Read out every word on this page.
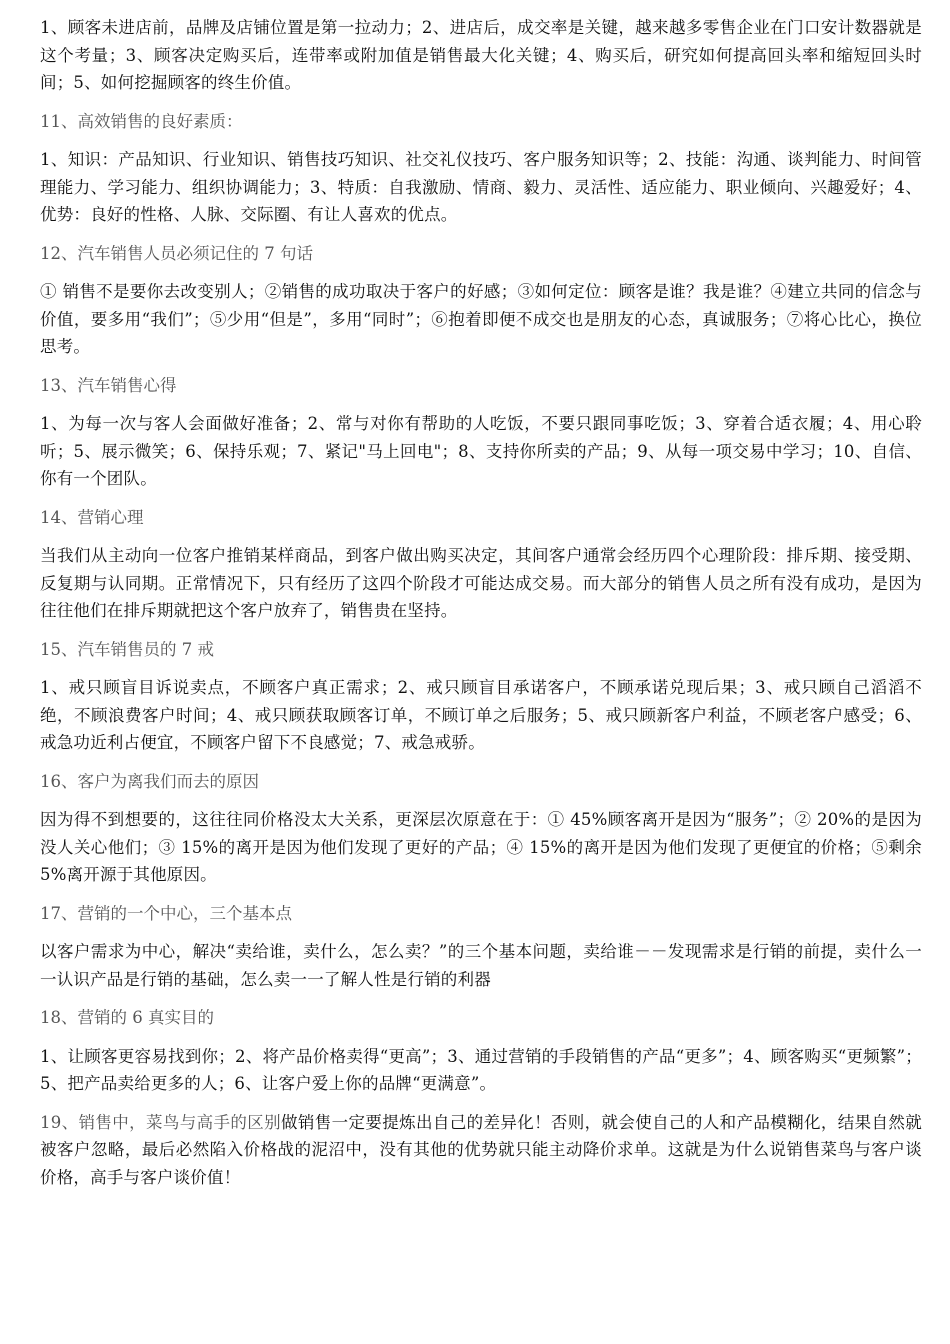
1、顾客未进店前，品牌及店铺位置是第一拉动力；2、进店后，成交率是关键，越来越多零售企业在门口安计数器就是这个考量；3、顾客决定购买后，连带率或附加值是销售最大化关键；4、购买后，研究如何提高回头率和缩短回头时间；5、如何挖掘顾客的终生价值。

11、高效销售的良好素质：

1、知识：产品知识、行业知识、销售技巧知识、社交礼仪技巧、客户服务知识等；2、技能：沟通、谈判能力、时间管理能力、学习能力、组织协调能力；3、特质：自我激励、情商、毅力、灵活性、适应能力、职业倾向、兴趣爱好；4、优势：良好的性格、人脉、交际圈、有让人喜欢的优点。

12、汽车销售人员必须记住的 7 句话

① 销售不是要你去改变别人；②销售的成功取决于客户的好感；③如何定位：顾客是谁？我是谁？④建立共同的信念与价值，要多用“我们”；⑤少用“但是”，多用“同时”；⑥抱着即便不成交也是朋友的心态，真诚服务；⑦将心比心，换位思考。

13、汽车销售心得

1、为每一次与客人会面做好准备；2、常与对你有帮助的人吃饭，不要只跟同事吃饭；3、穿着合适衣履；4、用心聆听；5、展示微笑；6、保持乐观；7、紧记"马上回电"；8、支持你所卖的产品；9、从每一项交易中学习；10、自信、你有一个团队。

14、营销心理

当我们从主动向一位客户推销某样商品，到客户做出购买决定，其间客户通常会经历四个心理阶段：排斥期、接受期、反复期与认同期。正常情况下，只有经历了这四个阶段才可能达成交易。而大部分的销售人员之所有没有成功，是因为往往他们在排斥期就把这个客户放弃了，销售贵在坚持。

15、汽车销售员的 7 戒

1、戒只顾盲目诉说卖点，不顾客户真正需求；2、戒只顾盲目承诺客户，不顾承诺兑现后果；3、戒只顾自己滔滔不绝，不顾浪费客户时间；4、戒只顾获取顾客订单，不顾订单之后服务；5、戒只顾新客户利益，不顾老客户感受；6、戒急功近利占便宜，不顾客户留下不良感觉；7、戒急戒骄。

16、客户为离我们而去的原因

因为得不到想要的，这往往同价格没太大关系，更深层次原意在于：① 45%顾客离开是因为“服务”；② 20%的是因为没人关心他们；③ 15%的离开是因为他们发现了更好的产品；④ 15%的离开是因为他们发现了更便宜的价格；⑤剩余 5%离开源于其他原因。

17、营销的一个中心，三个基本点

以客户需求为中心，解决“卖给谁，卖什么，怎么卖？”的三个基本问题，卖给谁－－发现需求是行销的前提，卖什么一一认识产品是行销的基础，怎么卖一一了解人性是行销的利器

18、营销的 6 真实目的

1、让顾客更容易找到你；2、将产品价格卖得“更高”；3、通过营销的手段销售的产品“更多”；4、顾客购买“更频繁”；5、把产品卖给更多的人；6、让客户爱上你的品牌“更满意”。

19、销售中，菜鸟与高手的区别做销售一定要提炼出自己的差异化！否则，就会使自己的人和产品模糊化，结果自然就被客户忽略，最后必然陷入价格战的泥沼中，没有其他的优势就只能主动降价求单。这就是为什么说销售菜鸟与客户谈价格，高手与客户谈价值！
